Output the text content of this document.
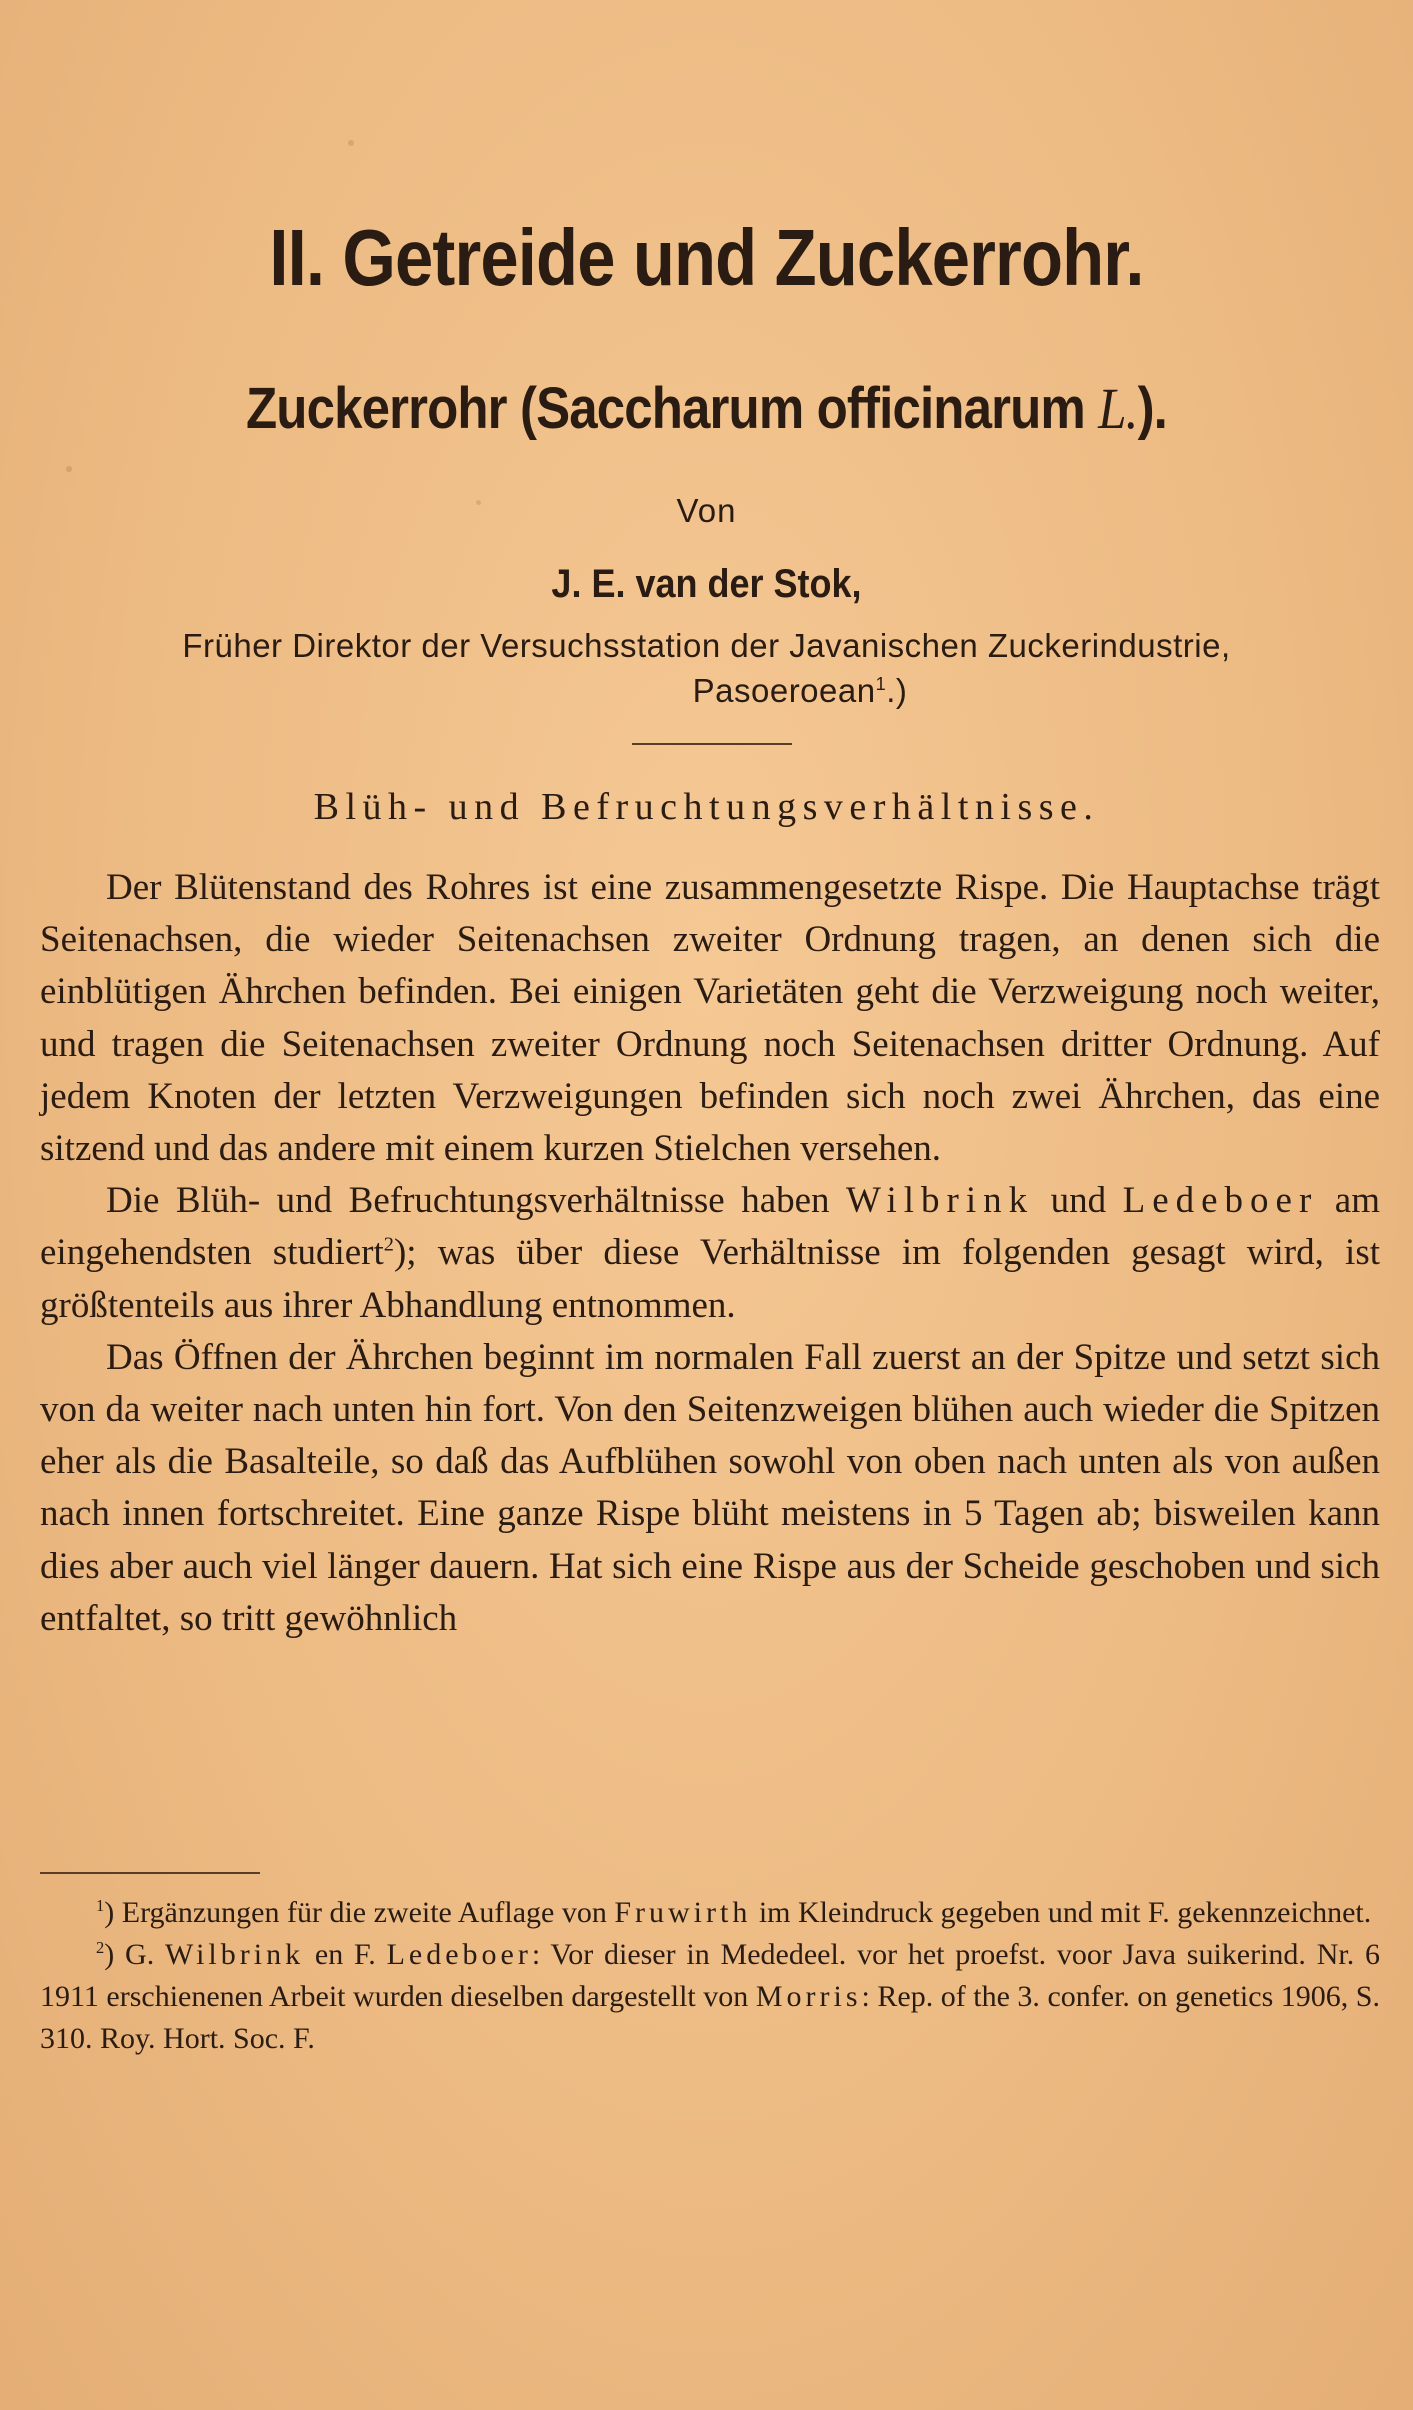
II. Getreide und Zuckerrohr.
Zuckerrohr (Saccharum officinarum L.).

Von

J. E. van der Stok,

Früher Direktor der Versuchsstation der Javanischen Zuckerindustrie,

Pasoeroean$^1$.)

Blüh- und Befruchtungsverhältnisse.

Der Blütenstand des Rohres ist eine zusammengesetzte Rispe. Die Hauptachse trägt Seitenachsen, die wieder Seitenachsen zweiter Ordnung tragen, an denen sich die einblütigen Ährchen befinden. Bei einigen Varietäten geht die Verzweigung noch weiter, und tragen die Seitenachsen zweiter Ordnung noch Seitenachsen dritter Ordnung. Auf jedem Knoten der letzten Verzweigungen befinden sich noch zwei Ährchen, das eine sitzend und das andere mit einem kurzen Stielchen versehen.

Die Blüh- und Befruchtungsverhältnisse haben Wilbrink und Ledeboer am eingehendsten studiert$^2$); was über diese Verhältnisse im folgenden gesagt wird, ist größtenteils aus ihrer Abhandlung entnommen.

Das Öffnen der Ährchen beginnt im normalen Fall zuerst an der Spitze und setzt sich von da weiter nach unten hin fort. Von den Seitenzweigen blühen auch wieder die Spitzen eher als die Basalteile, so daß das Aufblühen sowohl von oben nach unten als von außen nach innen fortschreitet. Eine ganze Rispe blüht meistens in 5 Tagen ab; bisweilen kann dies aber auch viel länger dauern. Hat sich eine Rispe aus der Scheide geschoben und sich entfaltet, so tritt gewöhnlich

$^1$) Ergänzungen für die zweite Auflage von Fruwirth im Kleindruck gegeben und mit F. gekennzeichnet.

$^2$) G. Wilbrink en F. Ledeboer: Vor dieser in Mededeel. vor het proefst. voor Java suikerind. Nr. 6 1911 erschienenen Arbeit wurden dieselben dargestellt von Morris: Rep. of the 3. confer. on genetics 1906, S. 310. Roy. Hort. Soc. F.
